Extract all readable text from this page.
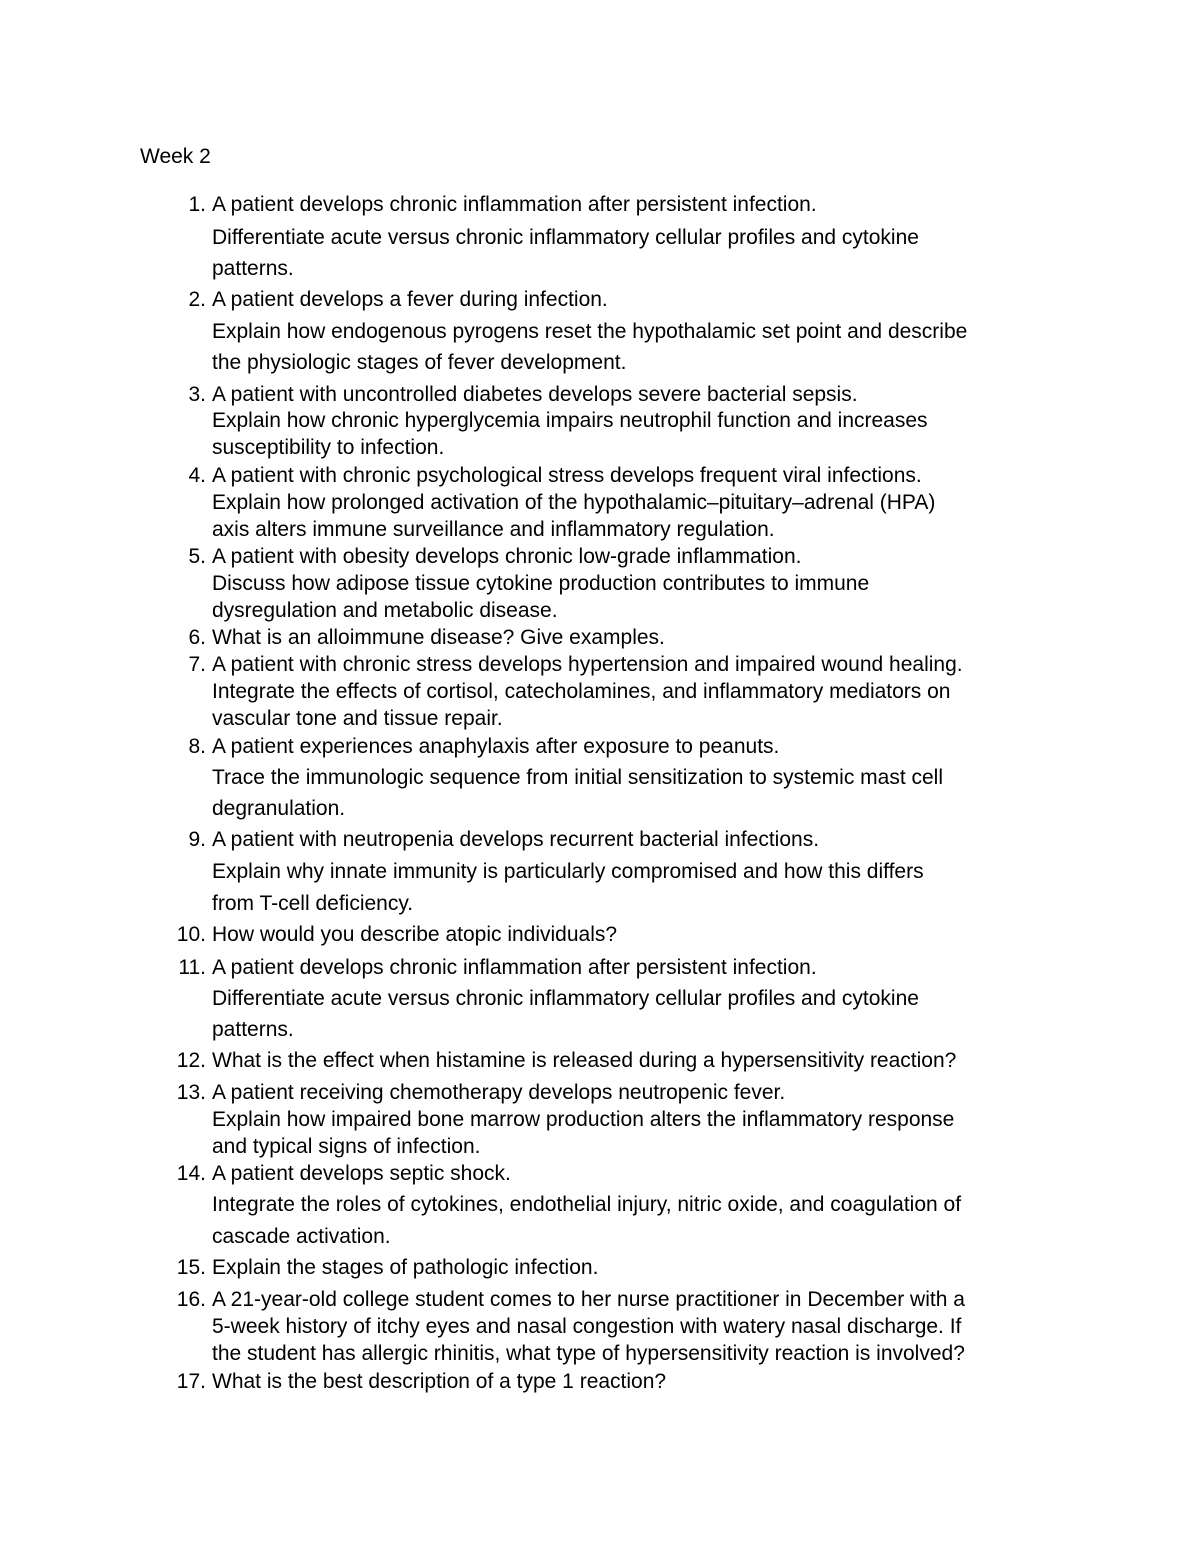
Week 2
1. A patient develops chronic inflammation after persistent infection.
Differentiate acute versus chronic inflammatory cellular profiles and cytokine
patterns.
2. A patient develops a fever during infection.
Explain how endogenous pyrogens reset the hypothalamic set point and describe
the physiologic stages of fever development.
3. A patient with uncontrolled diabetes develops severe bacterial sepsis.
Explain how chronic hyperglycemia impairs neutrophil function and increases
susceptibility to infection.
4. A patient with chronic psychological stress develops frequent viral infections.
Explain how prolonged activation of the hypothalamic–pituitary–adrenal (HPA)
axis alters immune surveillance and inflammatory regulation.
5. A patient with obesity develops chronic low-grade inflammation.
Discuss how adipose tissue cytokine production contributes to immune
dysregulation and metabolic disease.
6. What is an alloimmune disease? Give examples.
7. A patient with chronic stress develops hypertension and impaired wound healing.
Integrate the effects of cortisol, catecholamines, and inflammatory mediators on
vascular tone and tissue repair.
8. A patient experiences anaphylaxis after exposure to peanuts.
Trace the immunologic sequence from initial sensitization to systemic mast cell
degranulation.
9. A patient with neutropenia develops recurrent bacterial infections.
Explain why innate immunity is particularly compromised and how this differs
from T-cell deficiency.
10. How would you describe atopic individuals?
11. A patient develops chronic inflammation after persistent infection.
Differentiate acute versus chronic inflammatory cellular profiles and cytokine
patterns.
12. What is the effect when histamine is released during a hypersensitivity reaction?
13. A patient receiving chemotherapy develops neutropenic fever.
Explain how impaired bone marrow production alters the inflammatory response
and typical signs of infection.
14. A patient develops septic shock.
Integrate the roles of cytokines, endothelial injury, nitric oxide, and coagulation of
cascade activation.
15. Explain the stages of pathologic infection.
16. A 21-year-old college student comes to her nurse practitioner in December with a
5-week history of itchy eyes and nasal congestion with watery nasal discharge. If
the student has allergic rhinitis, what type of hypersensitivity reaction is involved?
17. What is the best description of a type 1 reaction?
